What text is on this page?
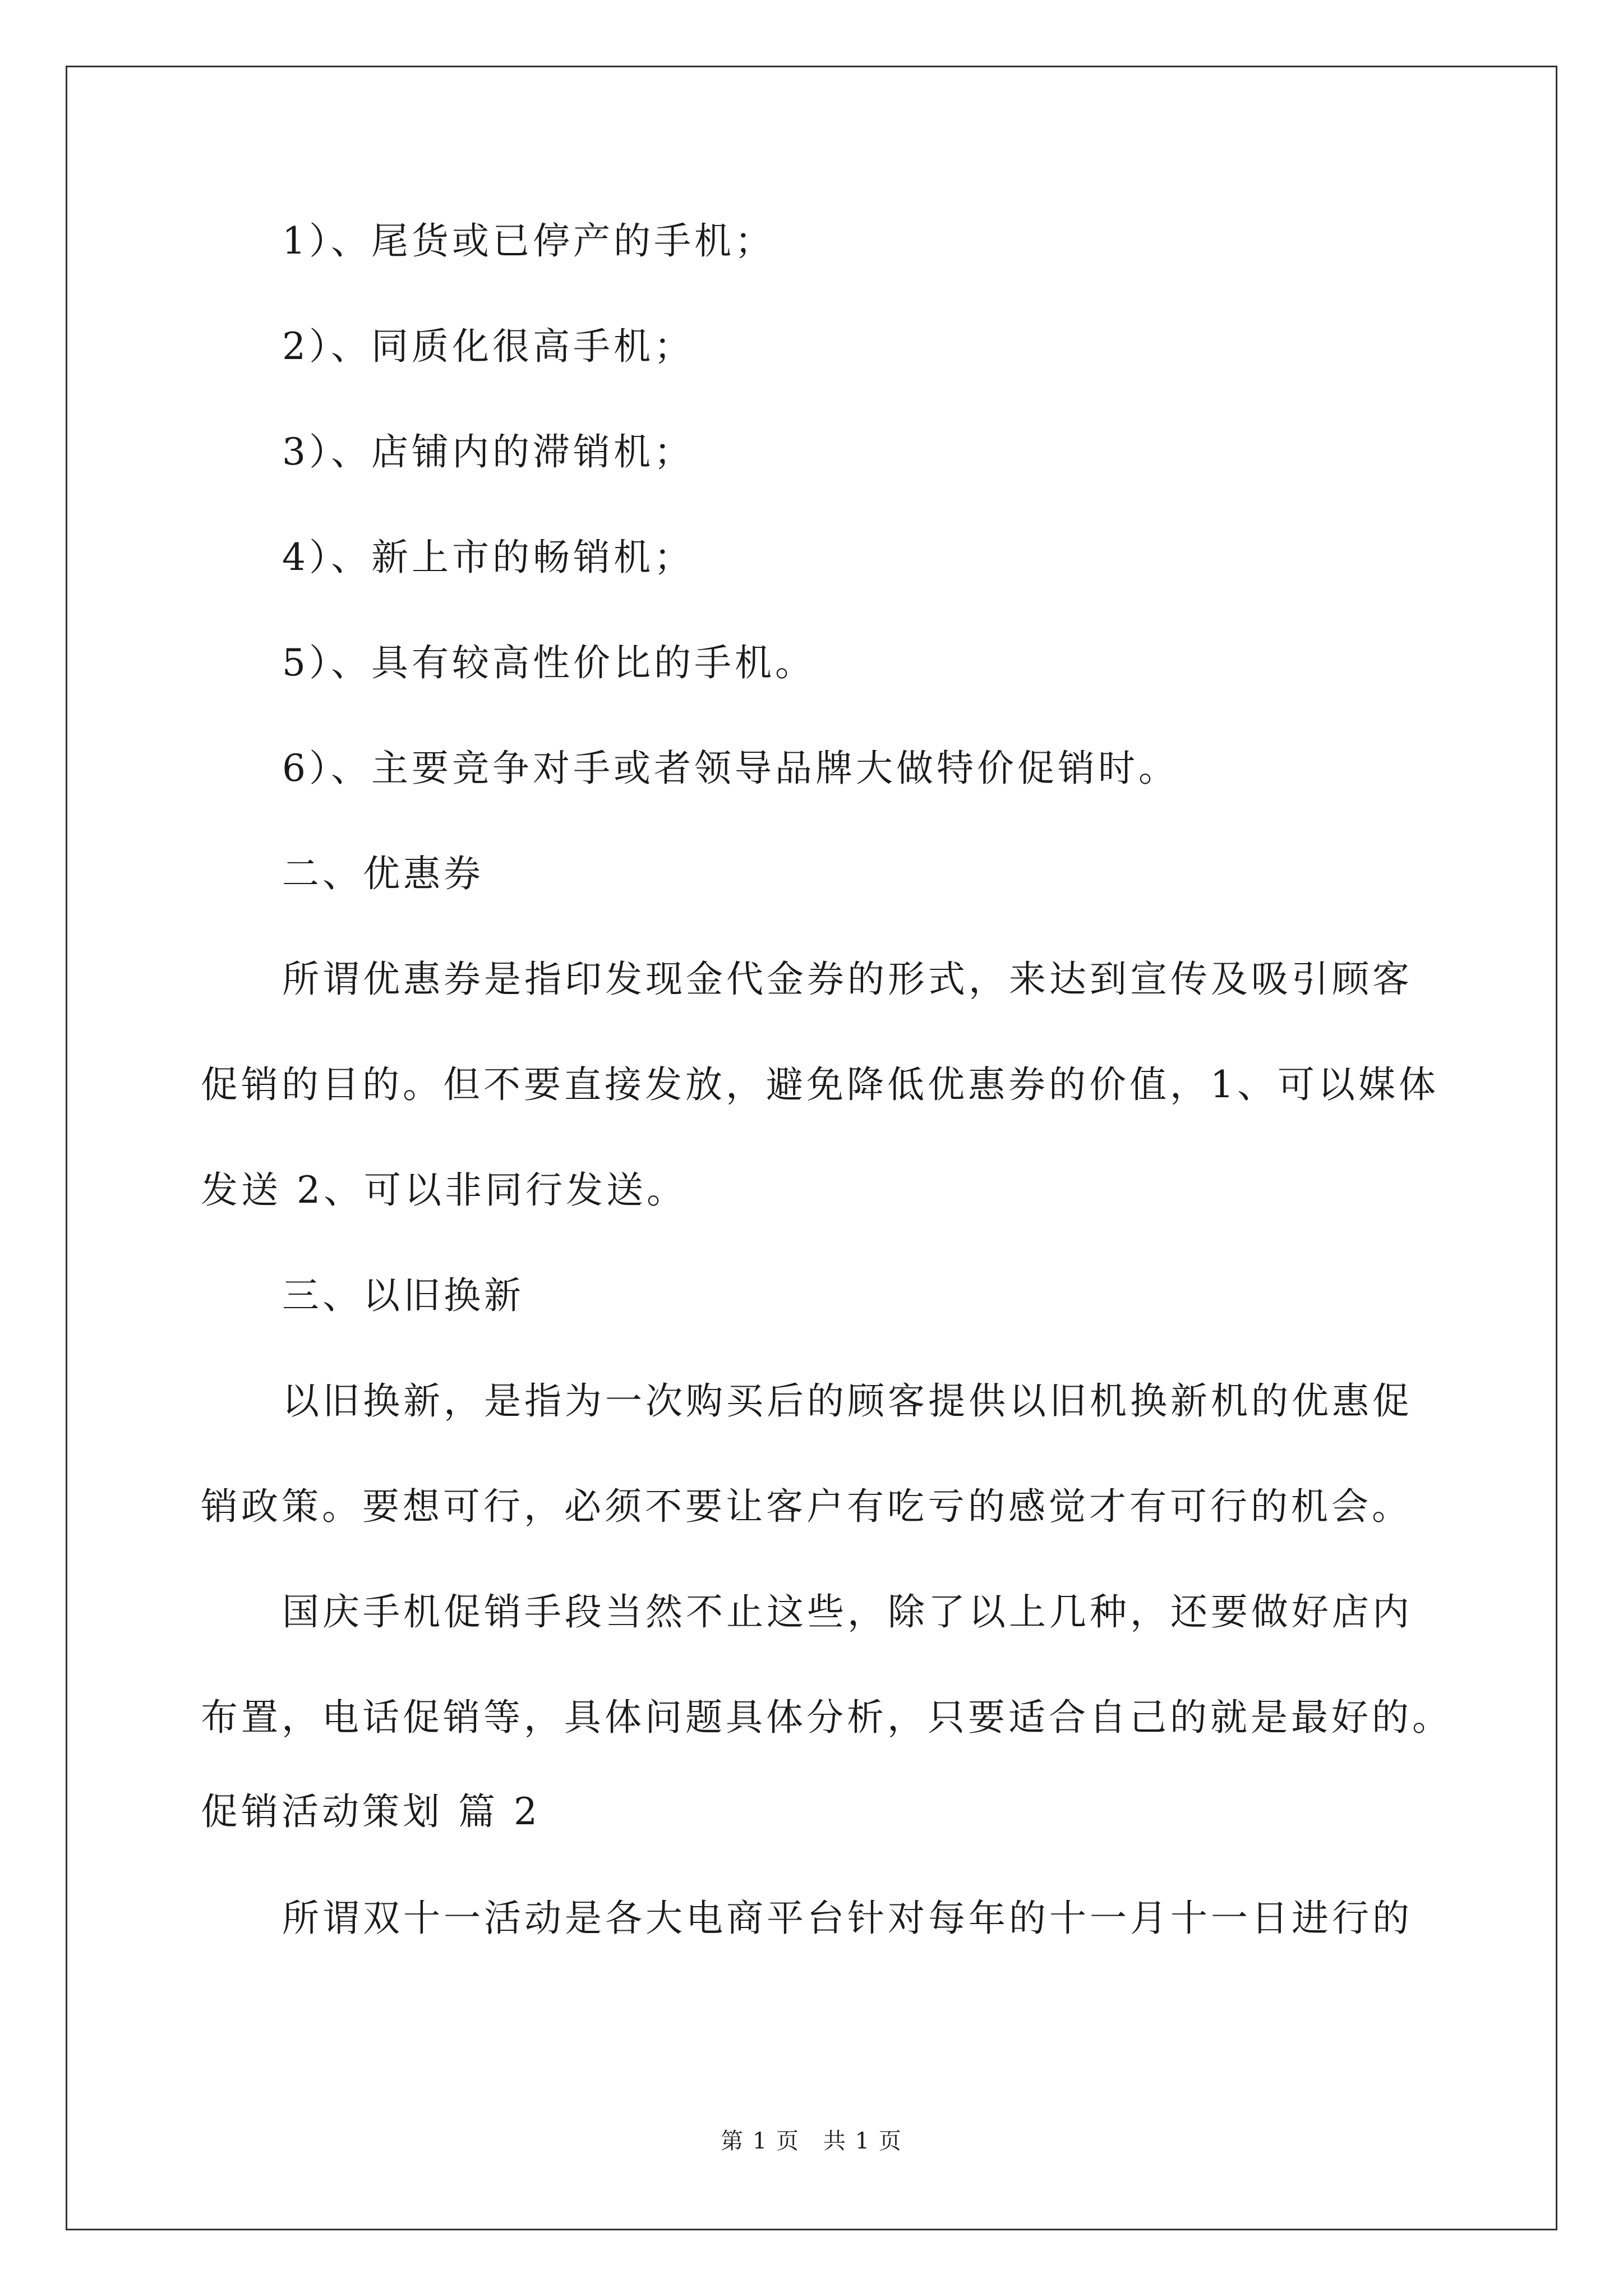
1）、尾货或已停产的手机；
2）、同质化很高手机；
3）、店铺内的滞销机；
4）、新上市的畅销机；
5）、具有较高性价比的手机。
6）、主要竞争对手或者领导品牌大做特价促销时。
二、优惠券
所谓优惠券是指印发现金代金券的形式，来达到宣传及吸引顾客
促销的目的。但不要直接发放，避免降低优惠券的价值，1、可以媒体
发送 2、可以非同行发送。
三、以旧换新
以旧换新，是指为一次购买后的顾客提供以旧机换新机的优惠促
销政策。要想可行，必须不要让客户有吃亏的感觉才有可行的机会。
国庆手机促销手段当然不止这些，除了以上几种，还要做好店内
布置，电话促销等，具体问题具体分析，只要适合自己的就是最好的。
促销活动策划 篇 2
所谓双十一活动是各大电商平台针对每年的十一月十一日进行的
第 1 页　共 1 页
